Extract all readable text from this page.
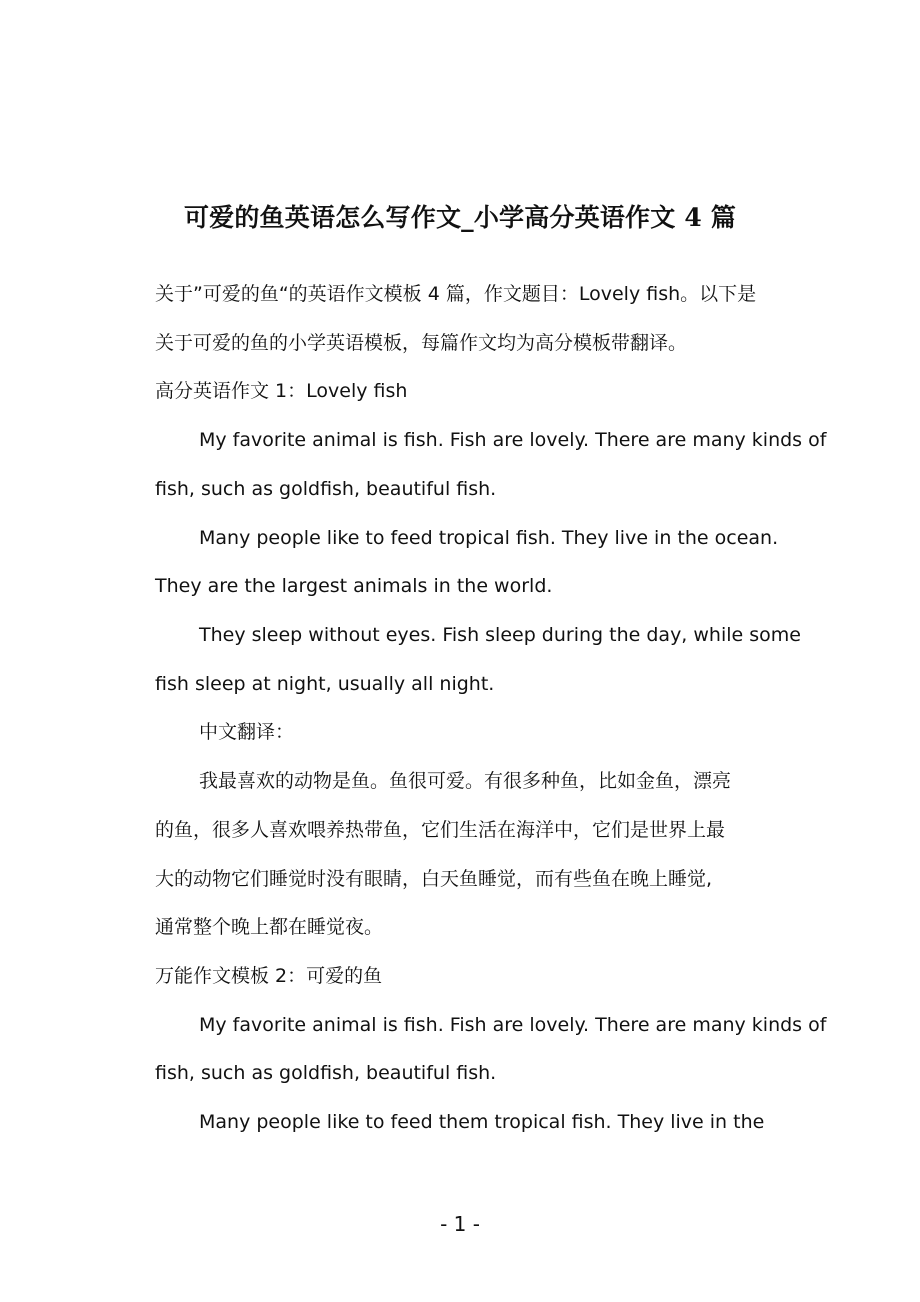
可爱的鱼英语怎么写作文_小学高分英语作文 4 篇
关于”可爱的鱼“的英语作文模板 4 篇，作文题目：Lovely fish。以下是
关于可爱的鱼的小学英语模板，每篇作文均为高分模板带翻译。
高分英语作文 1：Lovely fish
My favorite animal is fish. Fish are lovely. There are many kinds of
fish, such as goldfish, beautiful fish.
Many people like to feed tropical fish. They live in the ocean.
They are the largest animals in the world.
They sleep without eyes. Fish sleep during the day, while some
fish sleep at night, usually all night.
中文翻译：
我最喜欢的动物是鱼。鱼很可爱。有很多种鱼，比如金鱼，漂亮
的鱼，很多人喜欢喂养热带鱼，它们生活在海洋中，它们是世界上最
大的动物它们睡觉时没有眼睛，白天鱼睡觉，而有些鱼在晚上睡觉,
通常整个晚上都在睡觉夜。
万能作文模板 2：可爱的鱼
My favorite animal is fish. Fish are lovely. There are many kinds of
fish, such as goldfish, beautiful fish.
Many people like to feed them tropical fish. They live in the
- 1 -
